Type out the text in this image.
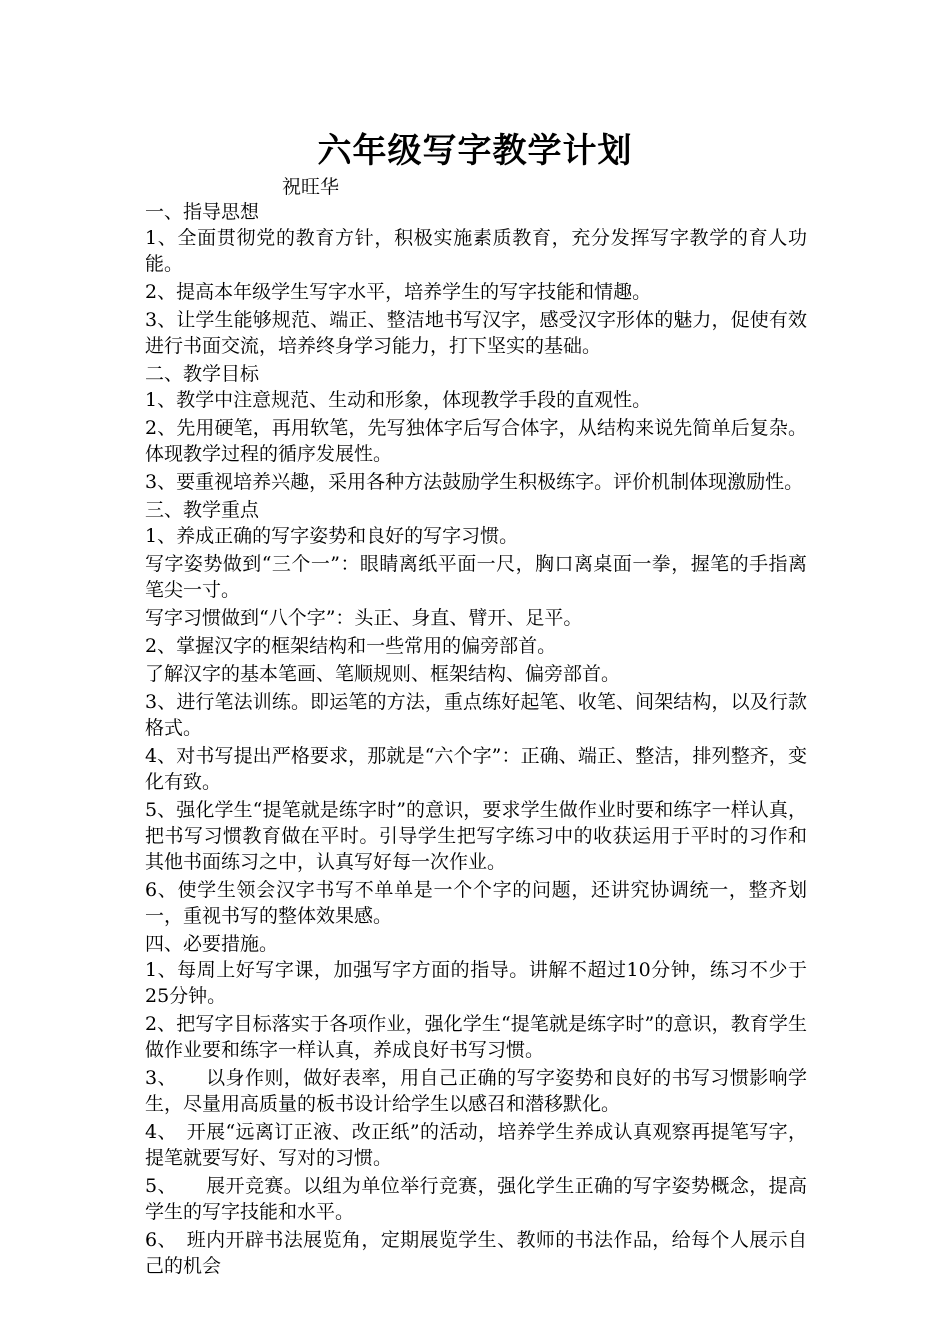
六年级写字教学计划
祝旺华

一、指导思想

1、全面贯彻党的教育方针，积极实施素质教育，充分发挥写字教学的育人功能。

2、提高本年级学生写字水平，培养学生的写字技能和情趣。

3、让学生能够规范、端正、整洁地书写汉字，感受汉字形体的魅力，促使有效进行书面交流，培养终身学习能力，打下坚实的基础。

二、教学目标

1、教学中注意规范、生动和形象，体现教学手段的直观性。

2、先用硬笔，再用软笔，先写独体字后写合体字，从结构来说先简单后复杂。体现教学过程的循序发展性。

3、要重视培养兴趣，采用各种方法鼓励学生积极练字。评价机制体现激励性。

三、教学重点

1、养成正确的写字姿势和良好的写字习惯。

写字姿势做到“三个一”：眼睛离纸平面一尺，胸口离桌面一拳，握笔的手指离笔尖一寸。

写字习惯做到“八个字”：头正、身直、臂开、足平。

2、掌握汉字的框架结构和一些常用的偏旁部首。

了解汉字的基本笔画、笔顺规则、框架结构、偏旁部首。

3、进行笔法训练。即运笔的方法，重点练好起笔、收笔、间架结构，以及行款格式。

4、对书写提出严格要求，那就是“六个字”：正确、端正、整洁，排列整齐，变化有致。

5、强化学生“提笔就是练字时”的意识，要求学生做作业时要和练字一样认真，把书写习惯教育做在平时。引导学生把写字练习中的收获运用于平时的习作和其他书面练习之中，认真写好每一次作业。

6、使学生领会汉字书写不单单是一个个字的问题，还讲究协调统一，整齐划一，重视书写的整体效果感。

四、必要措施。

1、每周上好写字课，加强写字方面的指导。讲解不超过10分钟，练习不少于25分钟。

2、把写字目标落实于各项作业，强化学生“提笔就是练字时”的意识，教育学生做作业要和练字一样认真，养成良好书写习惯。

3、　　以身作则，做好表率，用自己正确的写字姿势和良好的书写习惯影响学生，尽量用高质量的板书设计给学生以感召和潜移默化。

4、　开展“远离订正液、改正纸”的活动，培养学生养成认真观察再提笔写字，提笔就要写好、写对的习惯。

5、　　展开竞赛。以组为单位举行竞赛，强化学生正确的写字姿势概念，提高学生的写字技能和水平。

6、　班内开辟书法展览角，定期展览学生、教师的书法作品，给每个人展示自己的机会
